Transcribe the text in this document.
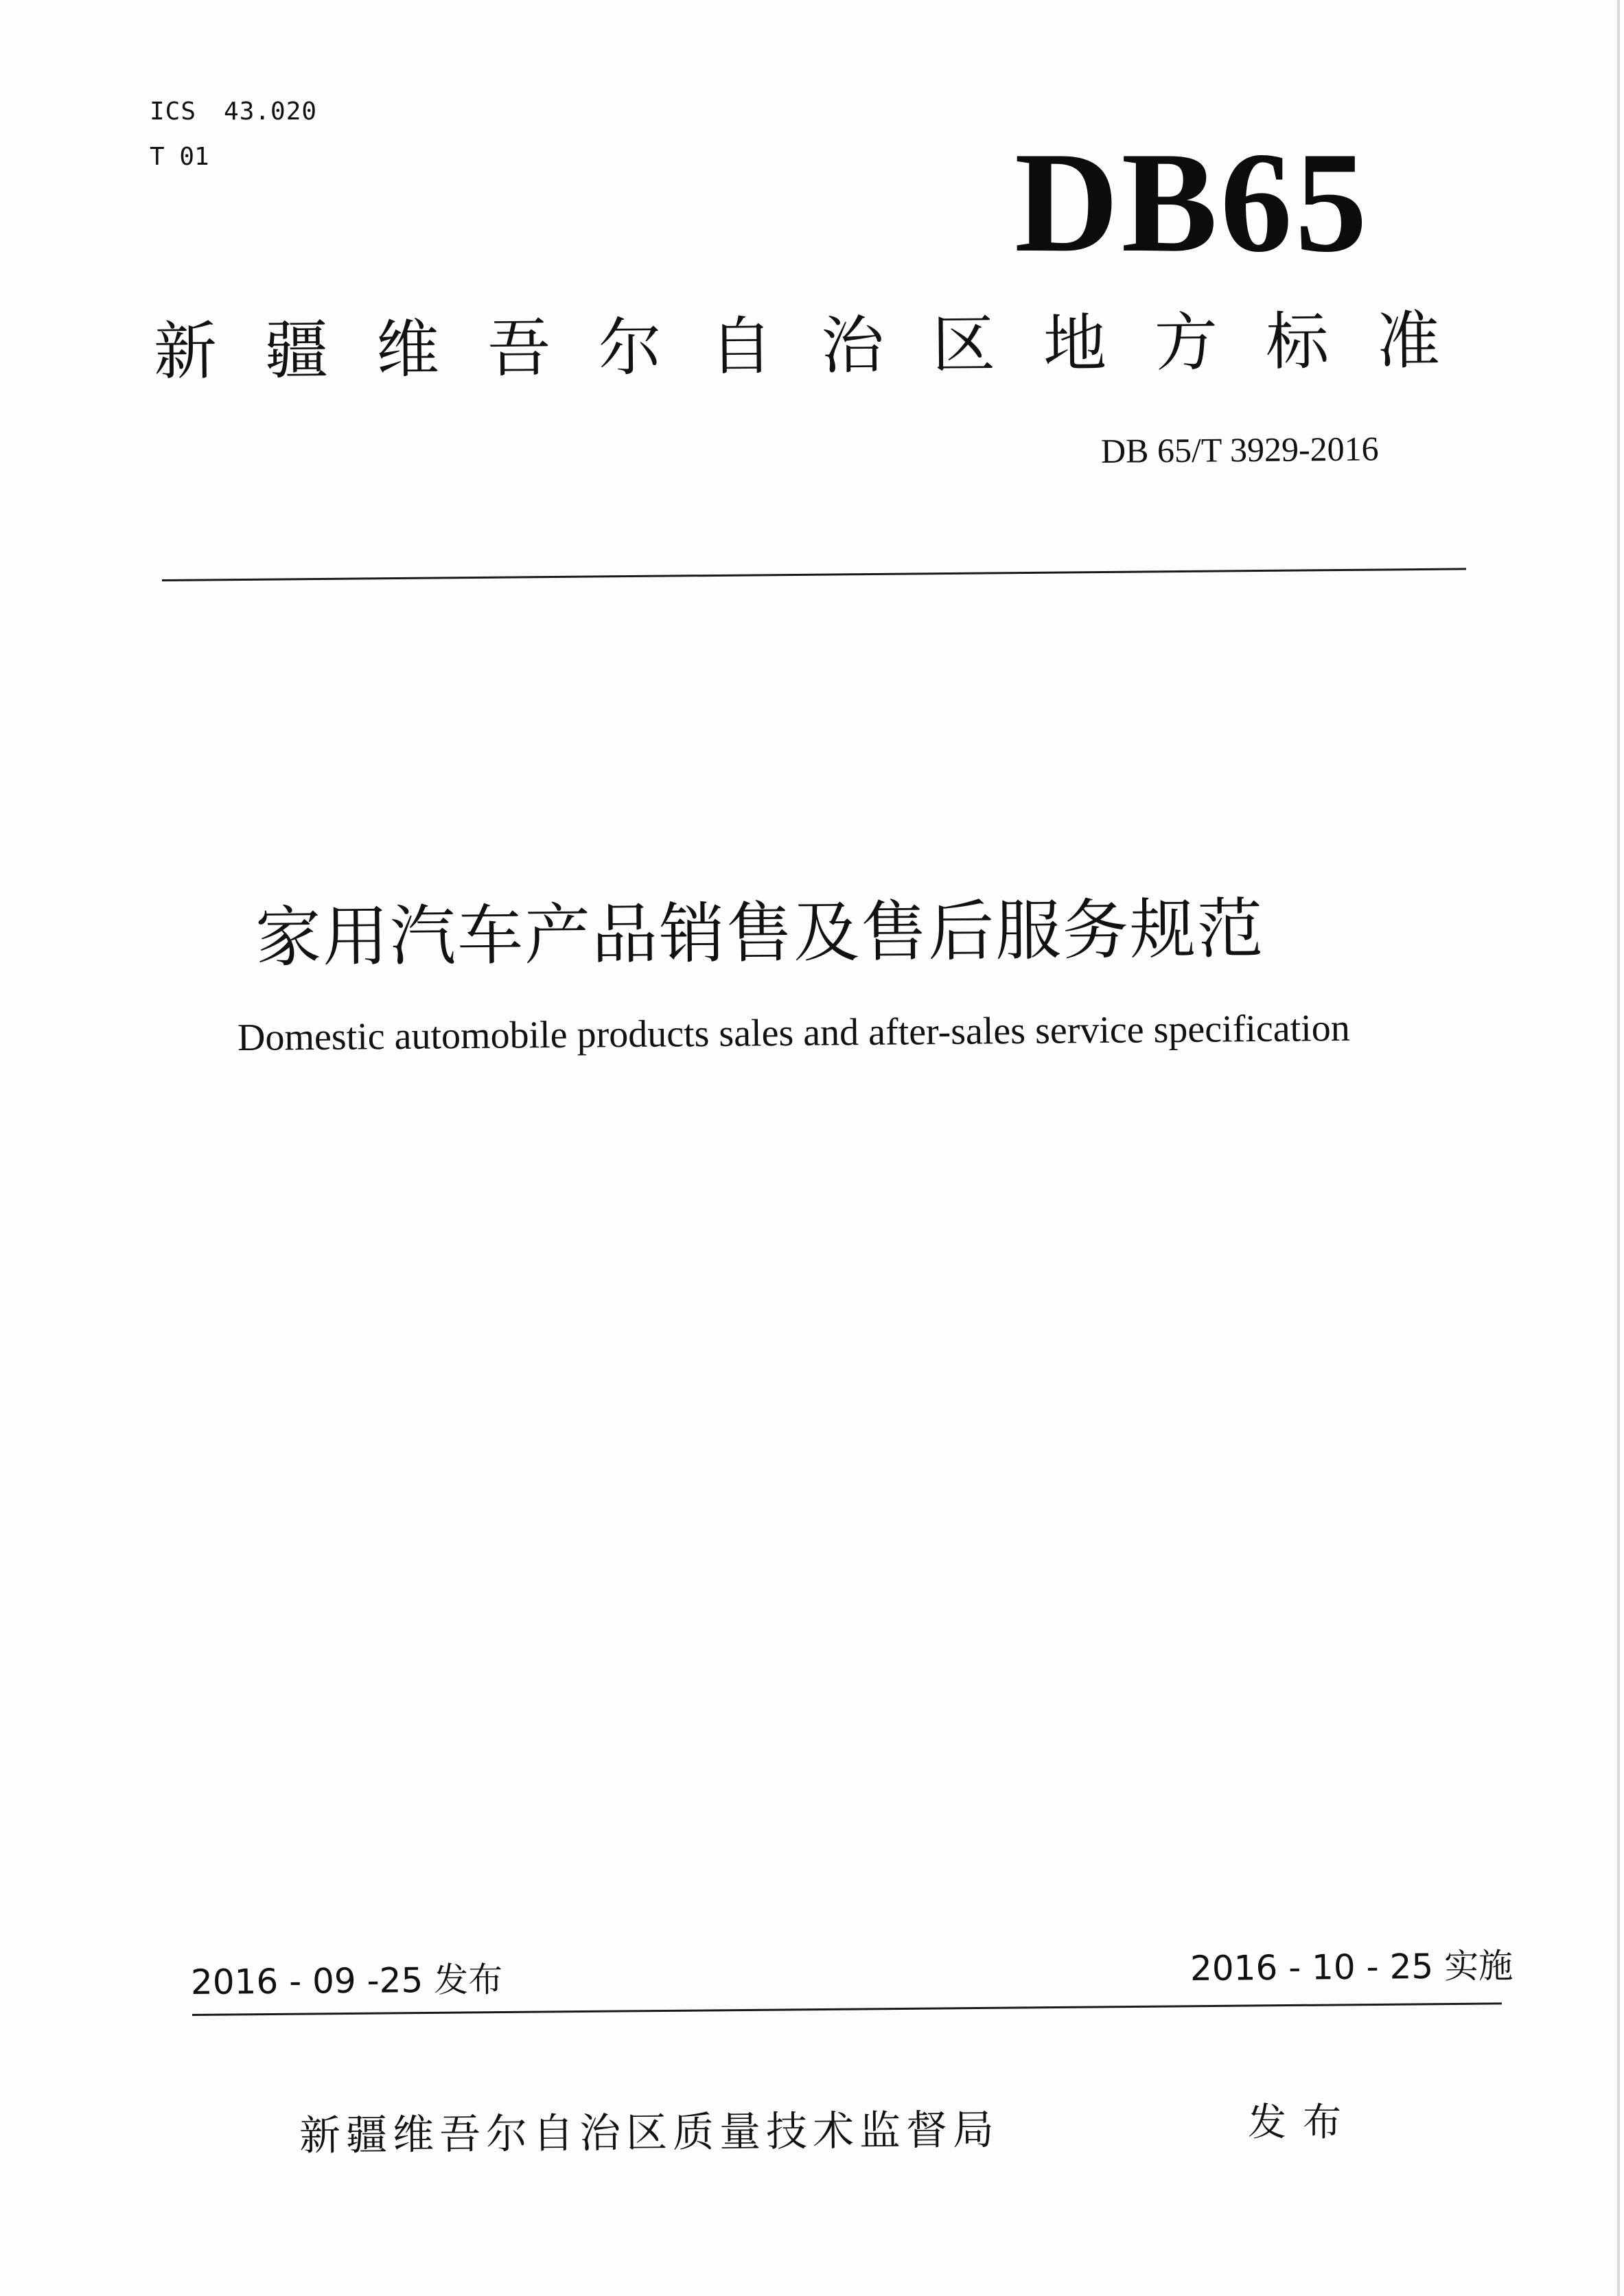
ICS 43.020
T 01	DB65
新疆维吾尔自治区地方标准
DB 65/T 3929-2016
家用汽车产品销售及售后服务规范
Domestic automobile products sales and after-sales service specification
2016 - 09 -25 发布	2016 - 10 - 25 实施
新疆维吾尔自治区质量技术监督局	发布
